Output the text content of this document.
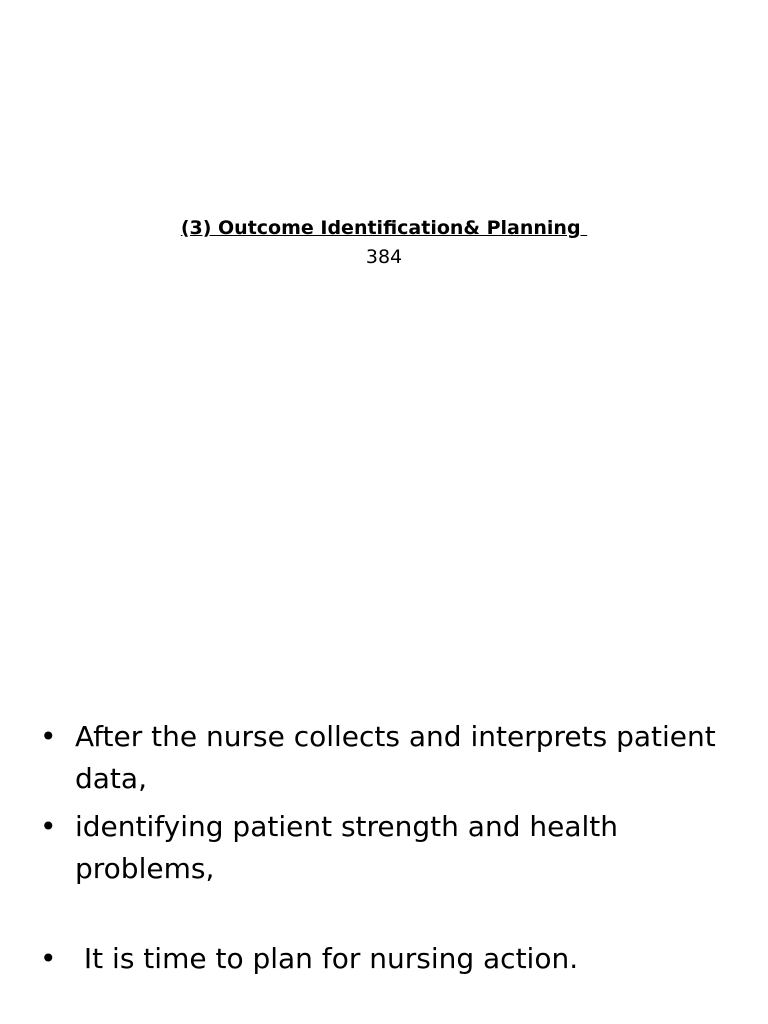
(3) Outcome Identification& Planning
384
• After the nurse collects and interprets patient data,
• identifying patient strength and health problems,
• It is time to plan for nursing action.
